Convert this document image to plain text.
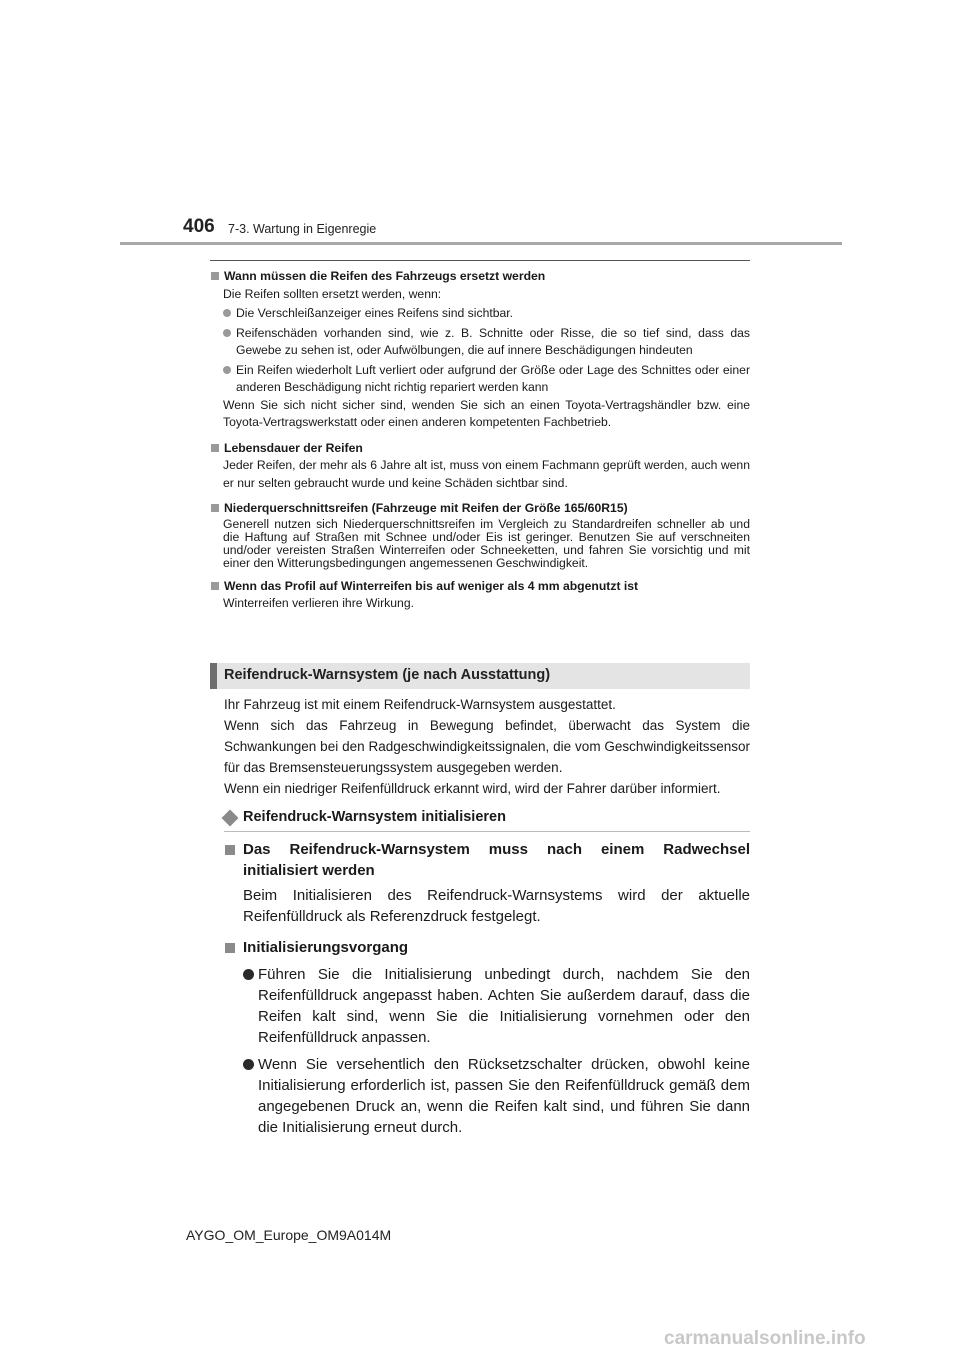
406 7-3. Wartung in Eigenregie
Wann müssen die Reifen des Fahrzeugs ersetzt werden
Die Reifen sollten ersetzt werden, wenn:
Die Verschleißanzeiger eines Reifens sind sichtbar.
Reifenschäden vorhanden sind, wie z. B. Schnitte oder Risse, die so tief sind, dass das Gewebe zu sehen ist, oder Aufwölbungen, die auf innere Beschädigungen hindeuten
Ein Reifen wiederholt Luft verliert oder aufgrund der Größe oder Lage des Schnittes oder einer anderen Beschädigung nicht richtig repariert werden kann
Wenn Sie sich nicht sicher sind, wenden Sie sich an einen Toyota-Vertragshändler bzw. eine Toyota-Vertragswerkstatt oder einen anderen kompetenten Fachbetrieb.
Lebensdauer der Reifen
Jeder Reifen, der mehr als 6 Jahre alt ist, muss von einem Fachmann geprüft werden, auch wenn er nur selten gebraucht wurde und keine Schäden sichtbar sind.
Niederquerschnittsreifen (Fahrzeuge mit Reifen der Größe 165/60R15)
Generell nutzen sich Niederquerschnittsreifen im Vergleich zu Standardreifen schneller ab und die Haftung auf Straßen mit Schnee und/oder Eis ist geringer. Benutzen Sie auf verschneiten und/oder vereisten Straßen Winterreifen oder Schneeketten, und fahren Sie vorsichtig und mit einer den Witterungsbedingungen angemessenen Geschwindigkeit.
Wenn das Profil auf Winterreifen bis auf weniger als 4 mm abgenutzt ist
Winterreifen verlieren ihre Wirkung.
Reifendruck-Warnsystem (je nach Ausstattung)
Ihr Fahrzeug ist mit einem Reifendruck-Warnsystem ausgestattet.
Wenn sich das Fahrzeug in Bewegung befindet, überwacht das System die Schwankungen bei den Radgeschwindigkeitssignalen, die vom Geschwindigkeitssensor für das Bremsensteuerungssystem ausgegeben werden.
Wenn ein niedriger Reifenfülldruck erkannt wird, wird der Fahrer darüber informiert.
Reifendruck-Warnsystem initialisieren
Das Reifendruck-Warnsystem muss nach einem Radwechsel initialisiert werden
Beim Initialisieren des Reifendruck-Warnsystems wird der aktuelle Reifenfülldruck als Referenzdruck festgelegt.
Initialisierungsvorgang
Führen Sie die Initialisierung unbedingt durch, nachdem Sie den Reifenfülldruck angepasst haben. Achten Sie außerdem darauf, dass die Reifen kalt sind, wenn Sie die Initialisierung vornehmen oder den Reifenfülldruck anpassen.
Wenn Sie versehentlich den Rücksetzschalter drücken, obwohl keine Initialisierung erforderlich ist, passen Sie den Reifenfülldruck gemäß dem angegebenen Druck an, wenn die Reifen kalt sind, und führen Sie dann die Initialisierung erneut durch.
AYGO_OM_Europe_OM9A014M
carmanualsonline.info
